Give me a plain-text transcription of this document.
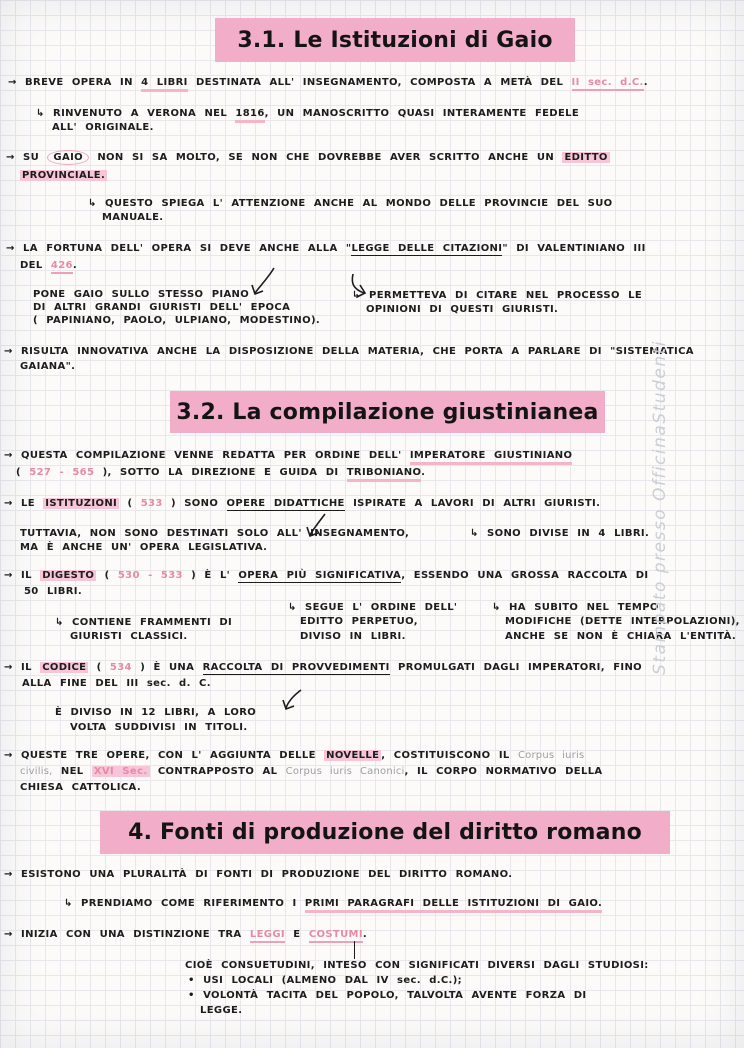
3.1. Le Istituzioni di Gaio
→ BREVE OPERA IN 4 LIBRI DESTINATA ALL' INSEGNAMENTO, COMPOSTA A METÀ DEL II sec. d.C..
↳ RINVENUTO A VERONA NEL 1816, UN MANOSCRITTO QUASI INTERAMENTE FEDELE
ALL' ORIGINALE.
→ SU GAIO NON SI SA MOLTO, SE NON CHE DOVREBBE AVER SCRITTO ANCHE UN EDITTO
PROVINCIALE.
↳ QUESTO SPIEGA L' ATTENZIONE ANCHE AL MONDO DELLE PROVINCIE DEL SUO
MANUALE.
→ LA FORTUNA DELL' OPERA SI DEVE ANCHE ALLA "LEGGE DELLE CITAZIONI" DI VALENTINIANO III
DEL 426.
PONE GAIO SULLO STESSO PIANO
DI ALTRI GRANDI GIURISTI DELL' EPOCA
( PAPINIANO, PAOLO, ULPIANO, MODESTINO).
↳ PERMETTEVA DI CITARE NEL PROCESSO LE
OPINIONI DI QUESTI GIURISTI.
→ RISULTA INNOVATIVA ANCHE LA DISPOSIZIONE DELLA MATERIA, CHE PORTA A PARLARE DI "SISTEMATICA
GAIANA".
3.2. La compilazione giustinianea
→ QUESTA COMPILAZIONE VENNE REDATTA PER ORDINE DELL' IMPERATORE GIUSTINIANO
( 527 - 565 ), SOTTO LA DIREZIONE E GUIDA DI TRIBONIANO.
→ LE ISTITUZIONI ( 533 ) SONO OPERE DIDATTICHE ISPIRATE A LAVORI DI ALTRI GIURISTI.
TUTTAVIA, NON SONO DESTINATI SOLO ALL' INSEGNAMENTO,	↳ SONO DIVISE IN 4 LIBRI.
MA È ANCHE UN' OPERA LEGISLATIVA.
→ IL DIGESTO ( 530 - 533 ) È L' OPERA PIÙ SIGNIFICATIVA, ESSENDO UNA GROSSA RACCOLTA DI
50 LIBRI.
↳ CONTIENE FRAMMENTI DI
GIURISTI CLASSICI.
↳ SEGUE L' ORDINE DELL'
EDITTO PERPETUO,
DIVISO IN LIBRI.
↳ HA SUBITO NEL TEMPO
MODIFICHE (DETTE INTERPOLAZIONI),
ANCHE SE NON È CHIARA L'ENTITÀ.
→ IL CODICE ( 534 ) È UNA RACCOLTA DI PROVVEDIMENTI PROMULGATI DAGLI IMPERATORI, FINO
ALLA FINE DEL III sec. d. C.
È DIVISO IN 12 LIBRI, A LORO
VOLTA SUDDIVISI IN TITOLI.
→ QUESTE TRE OPERE, CON L' AGGIUNTA DELLE NOVELLE , COSTITUISCONO IL Corpus iuris
civilis, NEL XVI Sec. CONTRAPPOSTO AL Corpus iuris Canonici, IL CORPO NORMATIVO DELLA
CHIESA CATTOLICA.
4. Fonti di produzione del diritto romano
→ ESISTONO UNA PLURALITÀ DI FONTI DI PRODUZIONE DEL DIRITTO ROMANO.
↳ PRENDIAMO COME RIFERIMENTO I PRIMI PARAGRAFI DELLE ISTITUZIONI DI GAIO.
→ INIZIA CON UNA DISTINZIONE TRA LEGGI E COSTUMI.
CIOÈ CONSUETUDINI, INTESO CON SIGNIFICATI DIVERSI DAGLI STUDIOSI:
• USI LOCALI (ALMENO DAL IV sec. d.C.);
• VOLONTÀ TACITA DEL POPOLO, TALVOLTA AVENTE FORZA DI
LEGGE.
Stampato presso OfficinaStudenti
